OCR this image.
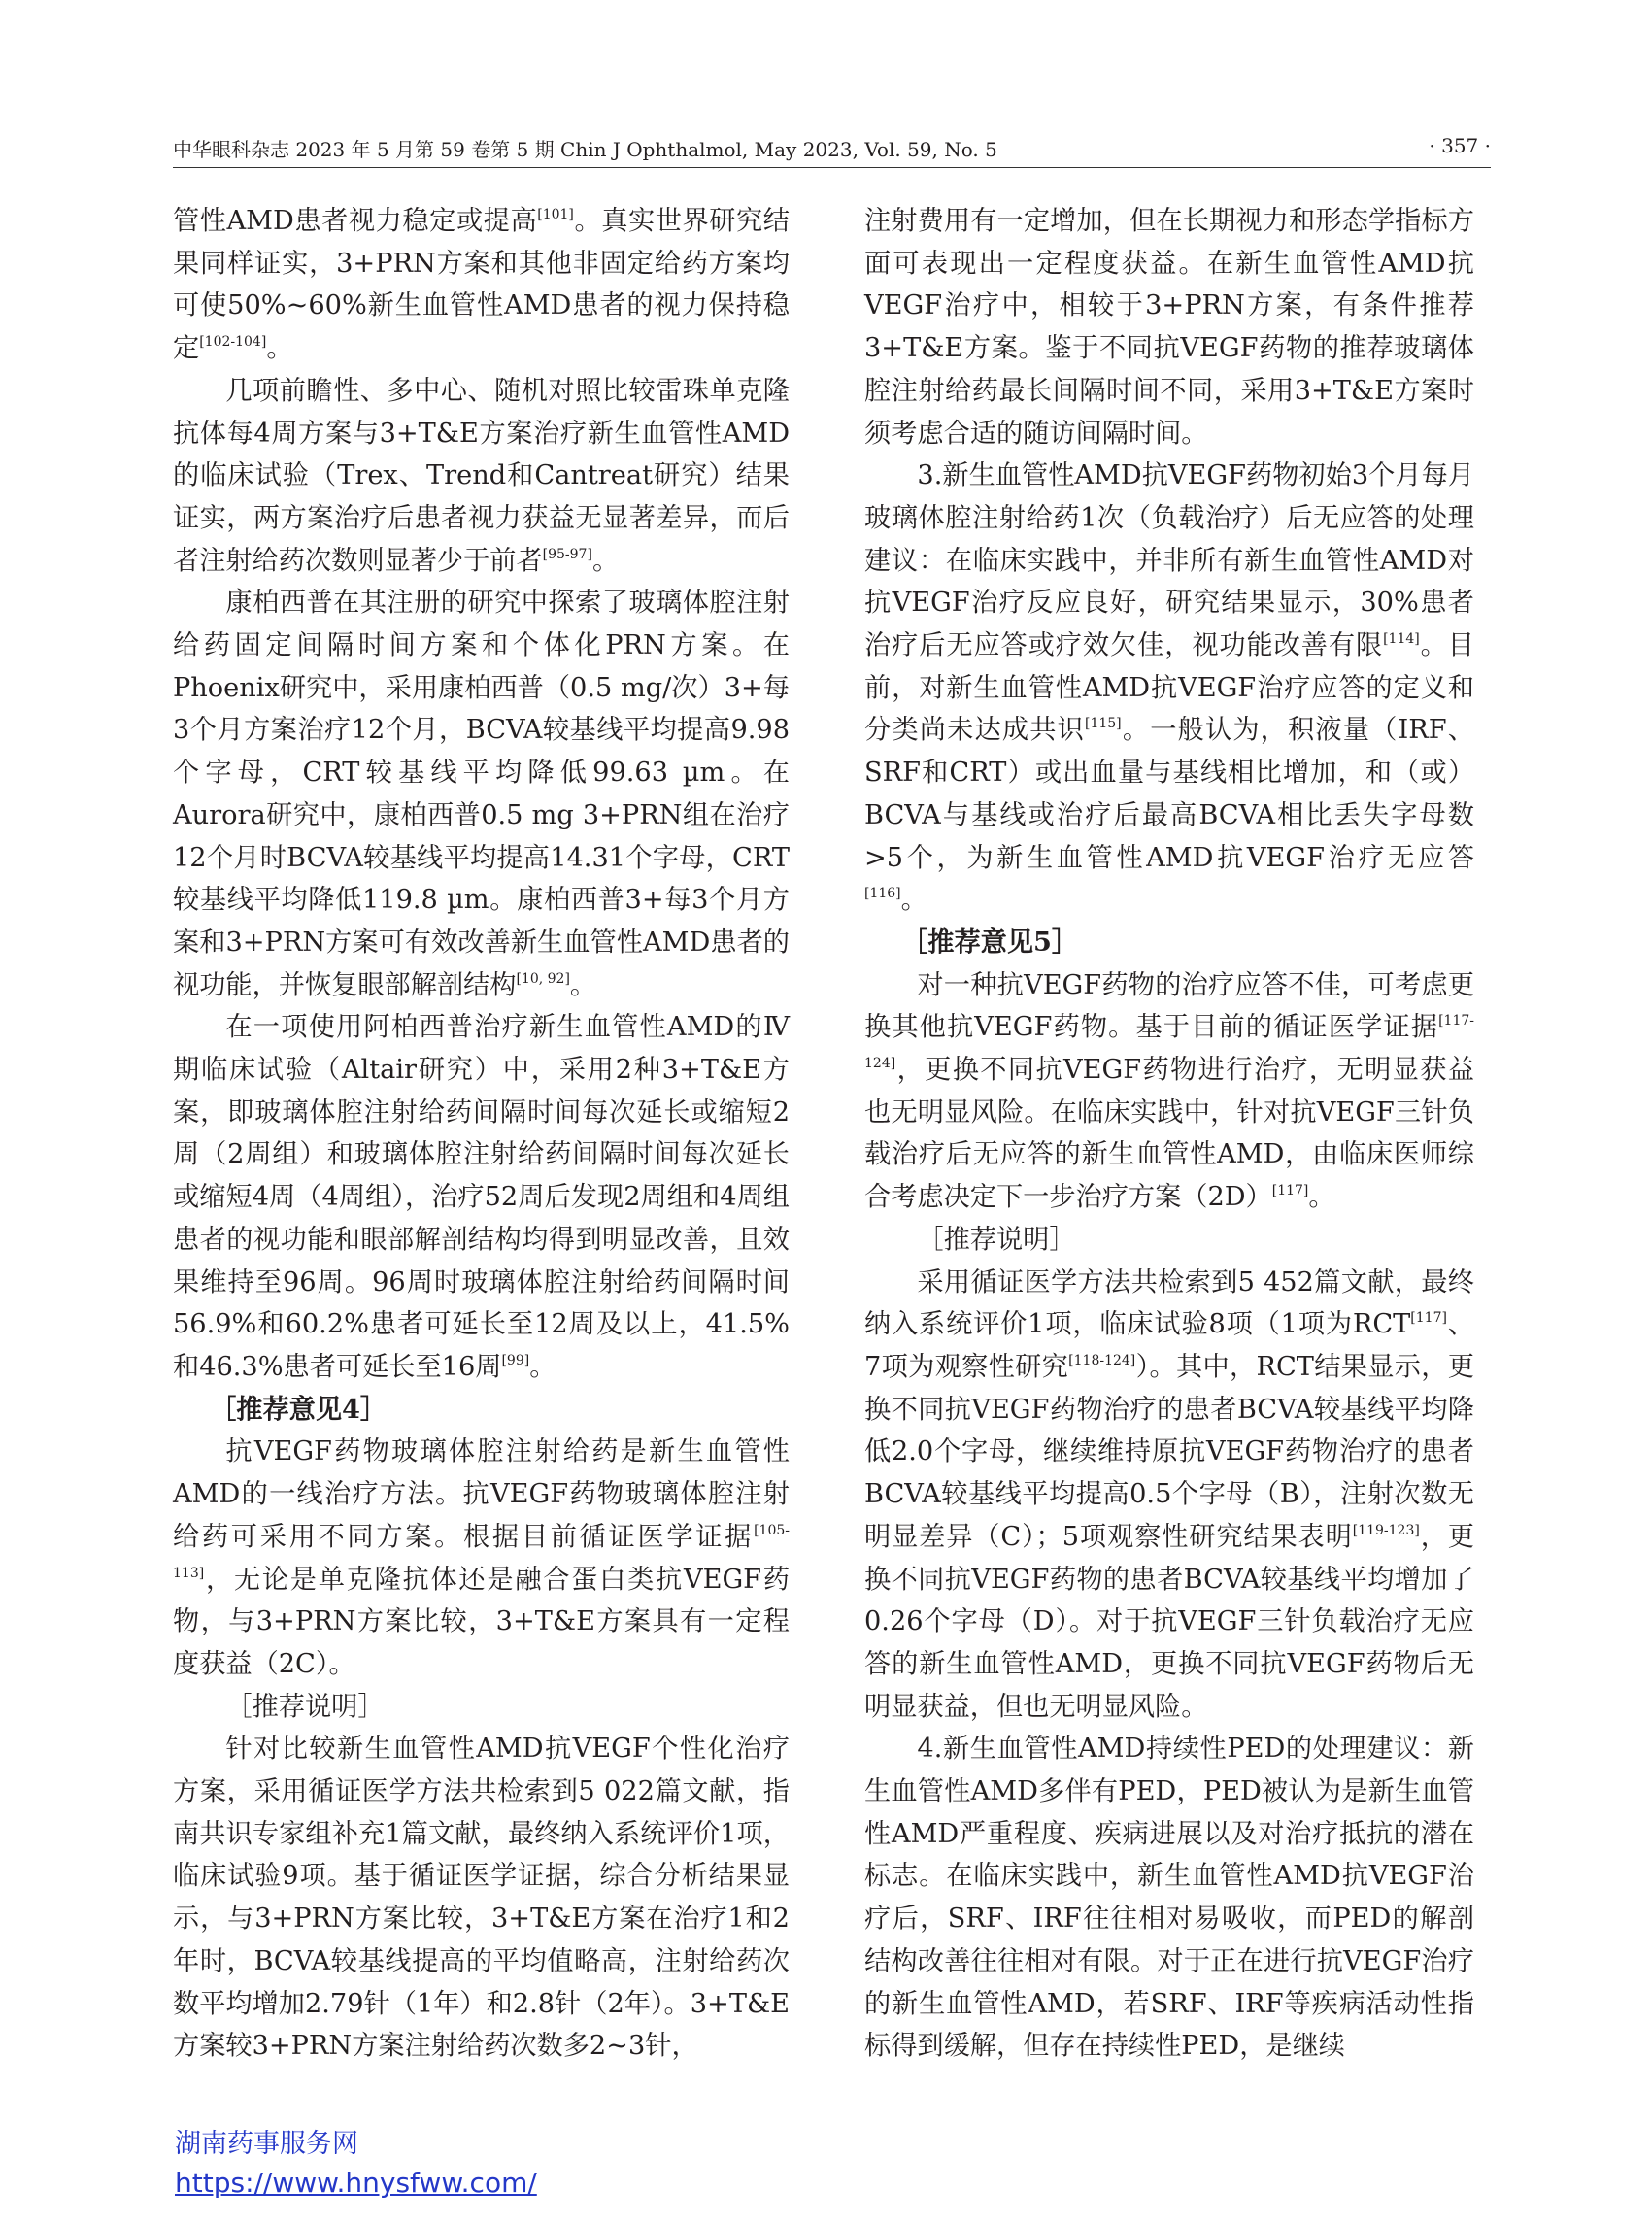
中华眼科杂志 2023 年 5 月第 59 卷第 5 期 Chin J Ophthalmol, May 2023, Vol. 59, No. 5	· 357 ·

管性AMD患者视力稳定或提高[101]。真实世界研究结果同样证实，3+PRN方案和其他非固定给药方案均可使50%~60%新生血管性AMD患者的视力保持稳定[102-104]。

几项前瞻性、多中心、随机对照比较雷珠单克隆抗体每4周方案与3+T&E方案治疗新生血管性AMD的临床试验（Trex、Trend和Cantreat研究）结果证实，两方案治疗后患者视力获益无显著差异，而后者注射给药次数则显著少于前者[95-97]。

康柏西普在其注册的研究中探索了玻璃体腔注射给药固定间隔时间方案和个体化PRN方案。在Phoenix研究中，采用康柏西普（0.5 mg/次）3+每3个月方案治疗12个月，BCVA较基线平均提高9.98个字母，CRT较基线平均降低99.63 µm。在Aurora研究中，康柏西普0.5 mg 3+PRN组在治疗12个月时BCVA较基线平均提高14.31个字母，CRT较基线平均降低119.8 µm。康柏西普3+每3个月方案和3+PRN方案可有效改善新生血管性AMD患者的视功能，并恢复眼部解剖结构[10, 92]。

在一项使用阿柏西普治疗新生血管性AMD的Ⅳ期临床试验（Altair研究）中，采用2种3+T&E方案，即玻璃体腔注射给药间隔时间每次延长或缩短2周（2周组）和玻璃体腔注射给药间隔时间每次延长或缩短4周（4周组），治疗52周后发现2周组和4周组患者的视功能和眼部解剖结构均得到明显改善，且效果维持至96周。96周时玻璃体腔注射给药间隔时间56.9%和60.2%患者可延长至12周及以上，41.5%和46.3%患者可延长至16周[99]。

［推荐意见4］

抗VEGF药物玻璃体腔注射给药是新生血管性AMD的一线治疗方法。抗VEGF药物玻璃体腔注射给药可采用不同方案。根据目前循证医学证据[105-113]，无论是单克隆抗体还是融合蛋白类抗VEGF药物，与3+PRN方案比较，3+T&E方案具有一定程度获益（2C）。

［推荐说明］

针对比较新生血管性AMD抗VEGF个性化治疗方案，采用循证医学方法共检索到5 022篇文献，指南共识专家组补充1篇文献，最终纳入系统评价1项，临床试验9项。基于循证医学证据，综合分析结果显示，与3+PRN方案比较，3+T&E方案在治疗1和2年时，BCVA较基线提高的平均值略高，注射给药次数平均增加2.79针（1年）和2.8针（2年）。3+T&E方案较3+PRN方案注射给药次数多2~3针，

注射费用有一定增加，但在长期视力和形态学指标方面可表现出一定程度获益。在新生血管性AMD抗VEGF治疗中，相较于3+PRN方案，有条件推荐3+T&E方案。鉴于不同抗VEGF药物的推荐玻璃体腔注射给药最长间隔时间不同，采用3+T&E方案时须考虑合适的随访间隔时间。

3.新生血管性AMD抗VEGF药物初始3个月每月玻璃体腔注射给药1次（负载治疗）后无应答的处理建议：在临床实践中，并非所有新生血管性AMD对抗VEGF治疗反应良好，研究结果显示，30%患者治疗后无应答或疗效欠佳，视功能改善有限[114]。目前，对新生血管性AMD抗VEGF治疗应答的定义和分类尚未达成共识[115]。一般认为，积液量（IRF、SRF和CRT）或出血量与基线相比增加，和（或）BCVA与基线或治疗后最高BCVA相比丢失字母数>5个，为新生血管性AMD抗VEGF治疗无应答[116]。

［推荐意见5］

对一种抗VEGF药物的治疗应答不佳，可考虑更换其他抗VEGF药物。基于目前的循证医学证据[117-124]，更换不同抗VEGF药物进行治疗，无明显获益也无明显风险。在临床实践中，针对抗VEGF三针负载治疗后无应答的新生血管性AMD，由临床医师综合考虑决定下一步治疗方案（2D）[117]。

［推荐说明］

采用循证医学方法共检索到5 452篇文献，最终纳入系统评价1项，临床试验8项（1项为RCT[117]、7项为观察性研究[118-124]）。其中，RCT结果显示，更换不同抗VEGF药物治疗的患者BCVA较基线平均降低2.0个字母，继续维持原抗VEGF药物治疗的患者BCVA较基线平均提高0.5个字母（B），注射次数无明显差异（C）；5项观察性研究结果表明[119-123]，更换不同抗VEGF药物的患者BCVA较基线平均增加了0.26个字母（D）。对于抗VEGF三针负载治疗无应答的新生血管性AMD，更换不同抗VEGF药物后无明显获益，但也无明显风险。

4.新生血管性AMD持续性PED的处理建议：新生血管性AMD多伴有PED，PED被认为是新生血管性AMD严重程度、疾病进展以及对治疗抵抗的潜在标志。在临床实践中，新生血管性AMD抗VEGF治疗后，SRF、IRF往往相对易吸收，而PED的解剖结构改善往往相对有限。对于正在进行抗VEGF治疗的新生血管性AMD，若SRF、IRF等疾病活动性指标得到缓解，但存在持续性PED，是继续

湖南药事服务网
https://www.hnysfww.com/
